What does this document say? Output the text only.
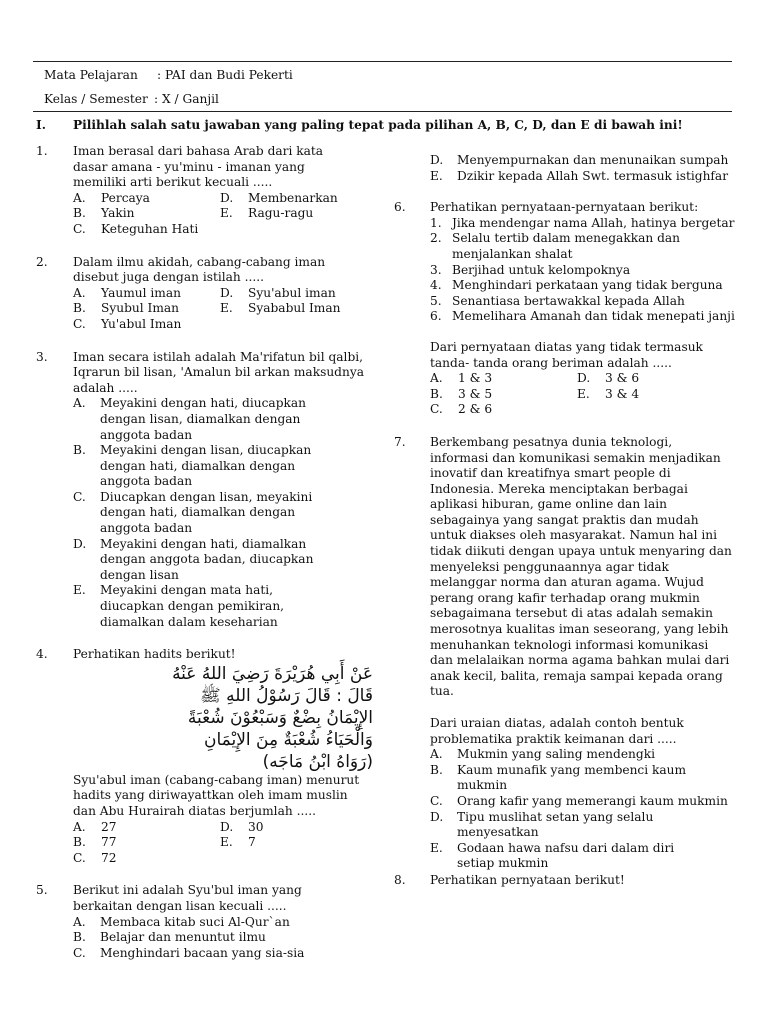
Mata Pelajaran : PAI dan Budi Pekerti
Kelas / Semester : X / Ganjil
I. Pilihlah salah satu jawaban yang paling tepat pada pilihan A, B, C, D, dan E di bawah ini!
1. Iman berasal dari bahasa Arab dari kata dasar amana - yu'minu - imanan yang memiliki arti berikut kecuali .....
A.	Percaya	D.	Membenarkan
B.	Yakin	E.	Ragu-ragu
C.	Keteguhan Hati
2. Dalam ilmu akidah, cabang-cabang iman disebut juga dengan istilah .....
A.	Yaumul iman	D.	Syu'abul iman
B.	Syubul Iman	E.	Syababul Iman
C.	Yu'abul Iman
3. Iman secara istilah adalah Ma'rifatun bil qalbi, Iqrarun bil lisan, 'Amalun bil arkan maksudnya adalah .....
A. Meyakini dengan hati, diucapkan dengan lisan, diamalkan dengan anggota badan
B. Meyakini dengan lisan, diucapkan dengan hati, diamalkan dengan anggota badan
C. Diucapkan dengan lisan, meyakini dengan hati, diamalkan dengan anggota badan
D. Meyakini dengan hati, diamalkan dengan anggota badan, diucapkan dengan lisan
E. Meyakini dengan mata hati, diucapkan dengan pemikiran, diamalkan dalam keseharian
4. Perhatikan hadits berikut!
عَنْ أَبِي هُرَيْرَةَ رَضِيَ اللهُ عَنْهُ
قَالَ : قَالَ رَسُوْلُ اللهِ ﷺ
الإِيْمَانُ بِضْعٌ وَسَبْعُوْنَ شُعْبَةً
وَالْحَيَاءُ شُعْبَةٌ مِنَ الإِيْمَانِ
(رَوَاهُ ابْنُ مَاجَه)
Syu'abul iman (cabang-cabang iman) menurut hadits yang diriwayattkan oleh imam muslin dan Abu Hurairah diatas berjumlah .....
A.	27	D.	30
B.	77	E.	7
C.	72
5. Berikut ini adalah Syu'bul iman yang berkaitan dengan lisan kecuali .....
A. Membaca kitab suci Al-Qur`an
B. Belajar dan menuntut ilmu
C. Menghindari bacaan yang sia-sia
D. Menyempurnakan dan menunaikan sumpah
E. Dzikir kepada Allah Swt. termasuk istighfar
6. Perhatikan pernyataan-pernyataan berikut:
1. Jika mendengar nama Allah, hatinya bergetar
2. Selalu tertib dalam menegakkan dan menjalankan shalat
3. Berjihad untuk kelompoknya
4. Menghindari perkataan yang tidak berguna
5. Senantiasa bertawakkal kepada Allah
6. Memelihara Amanah dan tidak menepati janji
Dari pernyataan diatas yang tidak termasuk tanda- tanda orang beriman adalah .....
A.	1 & 3	D.	3 & 6
B.	3 & 5	E.	3 & 4
C.	2 & 6
7. Berkembang pesatnya dunia teknologi, informasi dan komunikasi semakin menjadikan inovatif dan kreatifnya smart people di Indonesia. Mereka menciptakan berbagai aplikasi hiburan, game online dan lain sebagainya yang sangat praktis dan mudah untuk diakses oleh masyarakat. Namun hal ini tidak diikuti dengan upaya untuk menyaring dan menyeleksi penggunaannya agar tidak melanggar norma dan aturan agama. Wujud perang orang kafir terhadap orang mukmin sebagaimana tersebut di atas adalah semakin merosotnya kualitas iman seseorang, yang lebih menuhankan teknologi informasi komunikasi dan melalaikan norma agama bahkan mulai dari anak kecil, balita, remaja sampai kepada orang tua.
Dari uraian diatas, adalah contoh bentuk problematika praktik keimanan dari .....
A. Mukmin yang saling mendengki
B. Kaum munafik yang membenci kaum mukmin
C. Orang kafir yang memerangi kaum mukmin
D. Tipu muslihat setan yang selalu menyesatkan
E. Godaan hawa nafsu dari dalam diri setiap mukmin
8. Perhatikan pernyataan berikut!
